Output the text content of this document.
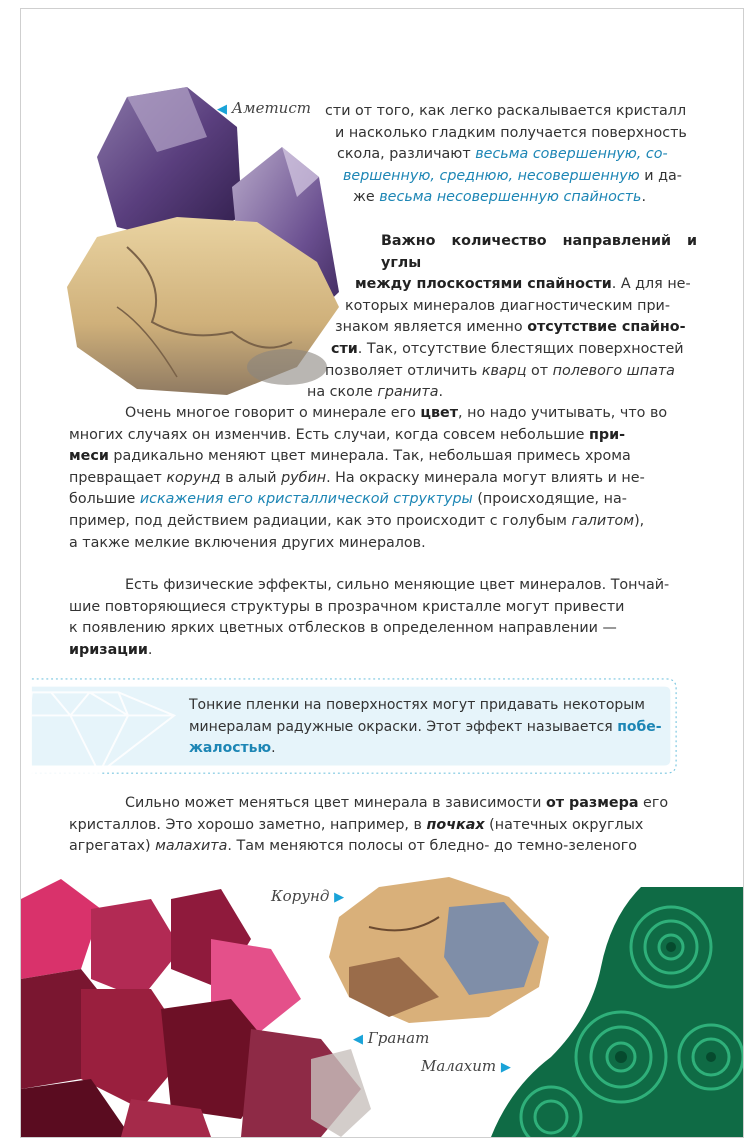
◀ Аметист сти от того, как легко раскалывается кристалл

и насколько гладким получается поверхность

скола, различают весьма совершенную, со-

вершенную, среднюю, несовершенную и да-

же весьма несовершенную спайность.

Важно количество направлений и углы

между плоскостями спайности. А для не-

которых минералов диагностическим при-

знаком является именно отсутствие спайно-

сти. Так, отсутствие блестящих поверхностей

позволяет отличить кварц от полевого шпата

на сколе гранита.

Очень многое говорит о минерале его цвет, но надо учитывать, что во

многих случаях он изменчив. Есть случаи, когда совсем небольшие при-

меси радикально меняют цвет минерала. Так, небольшая примесь хрома

превращает корунд в алый рубин. На окраску минерала могут влиять и не-

большие искажения его кристаллической структуры (происходящие, на-

пример, под действием радиации, как это происходит с голубым галитом),

а также мелкие включения других минералов.

Есть физические эффекты, сильно меняющие цвет минералов. Тончай-

шие повторяющиеся структуры в прозрачном кристалле могут привести

к появлению ярких цветных отблесков в определенном направлении —

иризации.

Тонкие пленки на поверхностях могут придавать некоторым

минералам радужные окраски. Этот эффект называется побе-

жалостью.

Сильно может меняться цвет минерала в зависимости от размера его

кристаллов. Это хорошо заметно, например, в почках (натечных округлых

агрегатах) малахита. Там меняются полосы от бледно- до темно-зеленого

Корунд ▶
◀ Гранат
Малахит ▶
